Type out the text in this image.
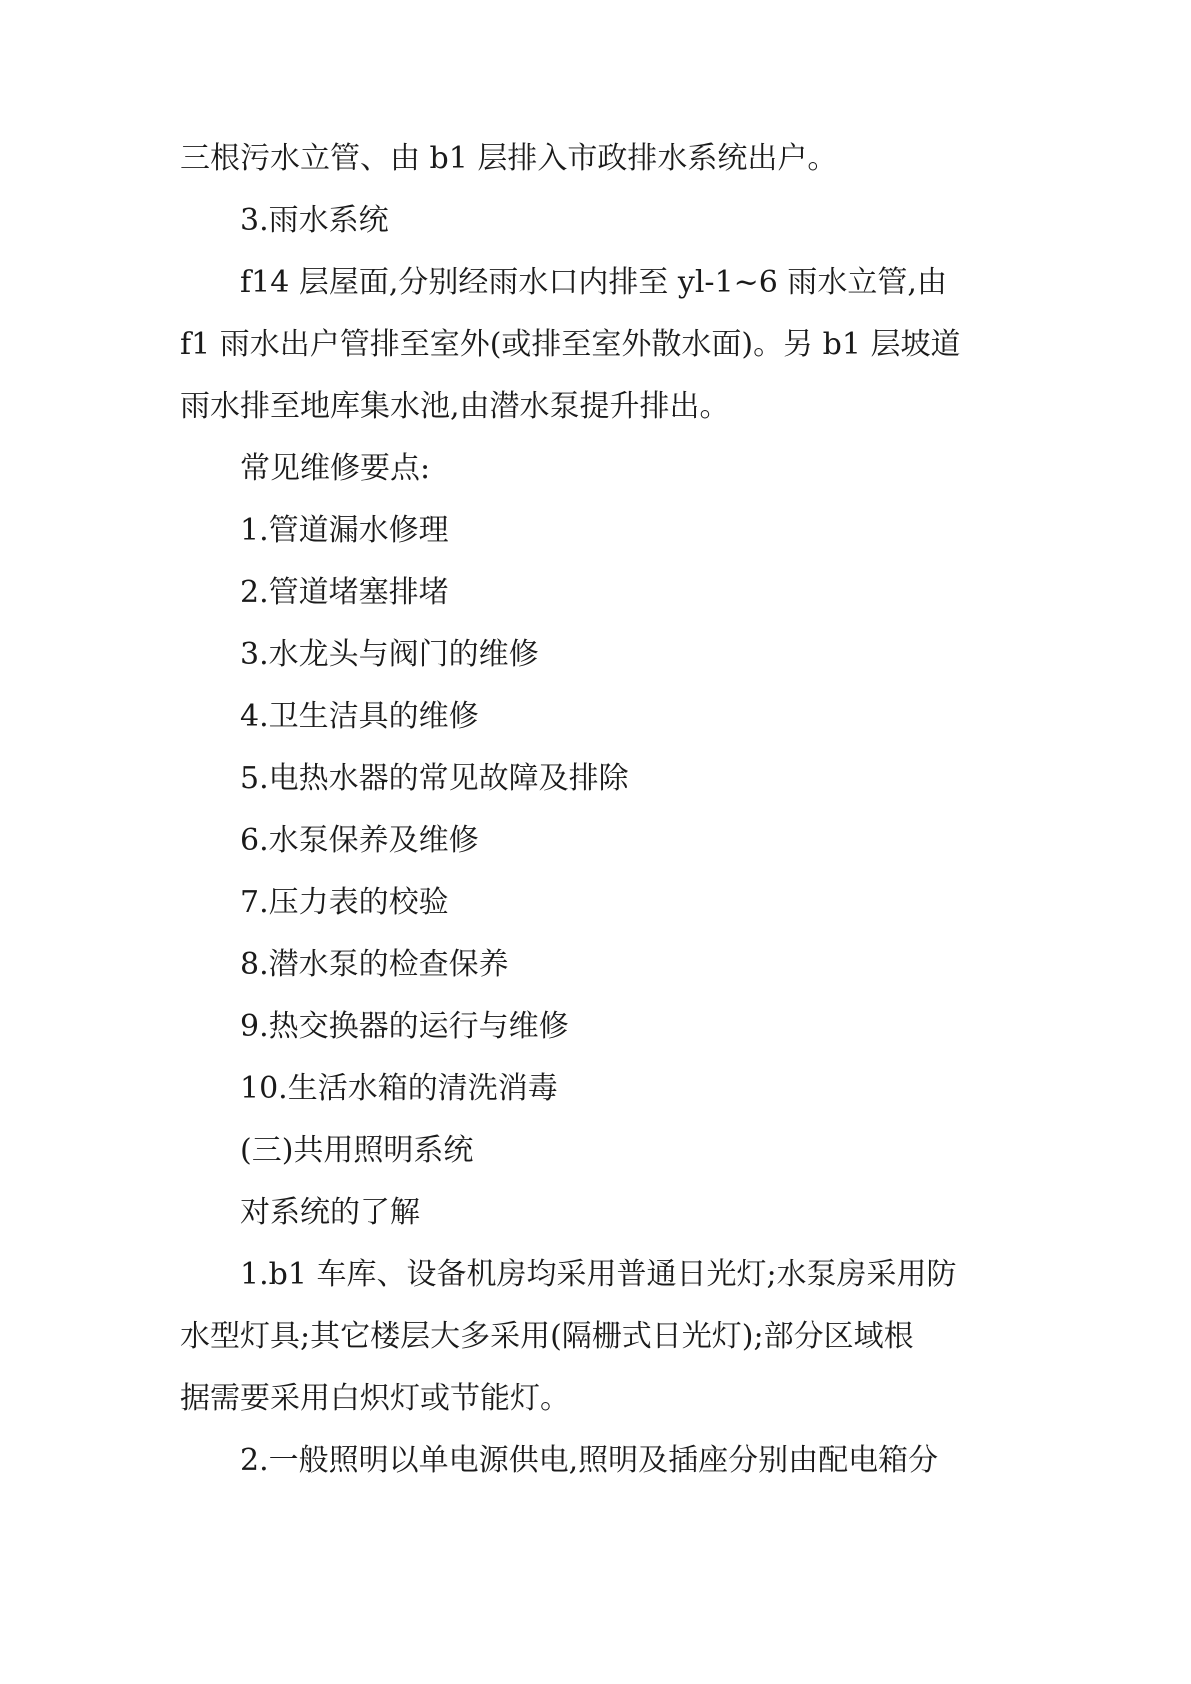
三根污水立管、由 b1 层排入市政排水系统出户。

3.雨水系统

f14 层屋面,分别经雨水口内排至 yl-1~6 雨水立管,由

f1 雨水出户管排至室外(或排至室外散水面)。另 b1 层坡道

雨水排至地库集水池,由潜水泵提升排出。

常见维修要点:

1.管道漏水修理

2.管道堵塞排堵

3.水龙头与阀门的维修

4.卫生洁具的维修

5.电热水器的常见故障及排除

6.水泵保养及维修

7.压力表的校验

8.潜水泵的检查保养

9.热交换器的运行与维修

10.生活水箱的清洗消毒

(三)共用照明系统

对系统的了解

1.b1 车库、设备机房均采用普通日光灯;水泵房采用防

水型灯具;其它楼层大多采用(隔栅式日光灯);部分区域根

据需要采用白炽灯或节能灯。

2.一般照明以单电源供电,照明及插座分别由配电箱分
